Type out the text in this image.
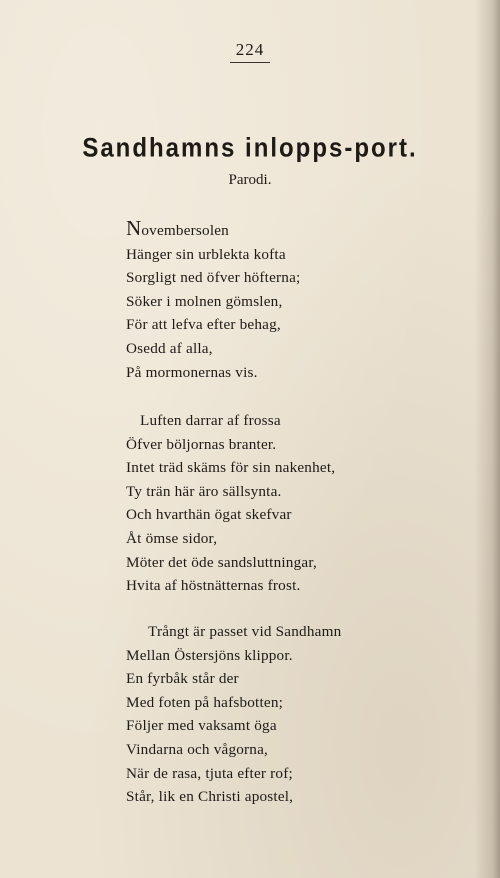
224
Sandhamns inlopps-port.
Parodi.
Novembersolen
Hänger sin urblekta kofta
Sorgligt ned öfver höfterna;
Söker i molnen gömslen,
För att lefva efter behag,
Osedd af alla,
På mormonernas vis.
Luften darrar af frossa
Öfver böljornas branter.
Intet träd skäms för sin nakenhet,
Ty trän här äro sällsynta.
Och hvarthän ögat skefvar
Åt ömse sidor,
Möter det öde sandsluttningar,
Hvita af höstnätternas frost.
Trångt är passet vid Sandhamn
Mellan Östersjöns klippor.
En fyrbåk står der
Med foten på hafsbotten;
Följer med vaksamt öga
Vindarna och vågorna,
När de rasa, tjuta efter rof;
Står, lik en Christi apostel,
